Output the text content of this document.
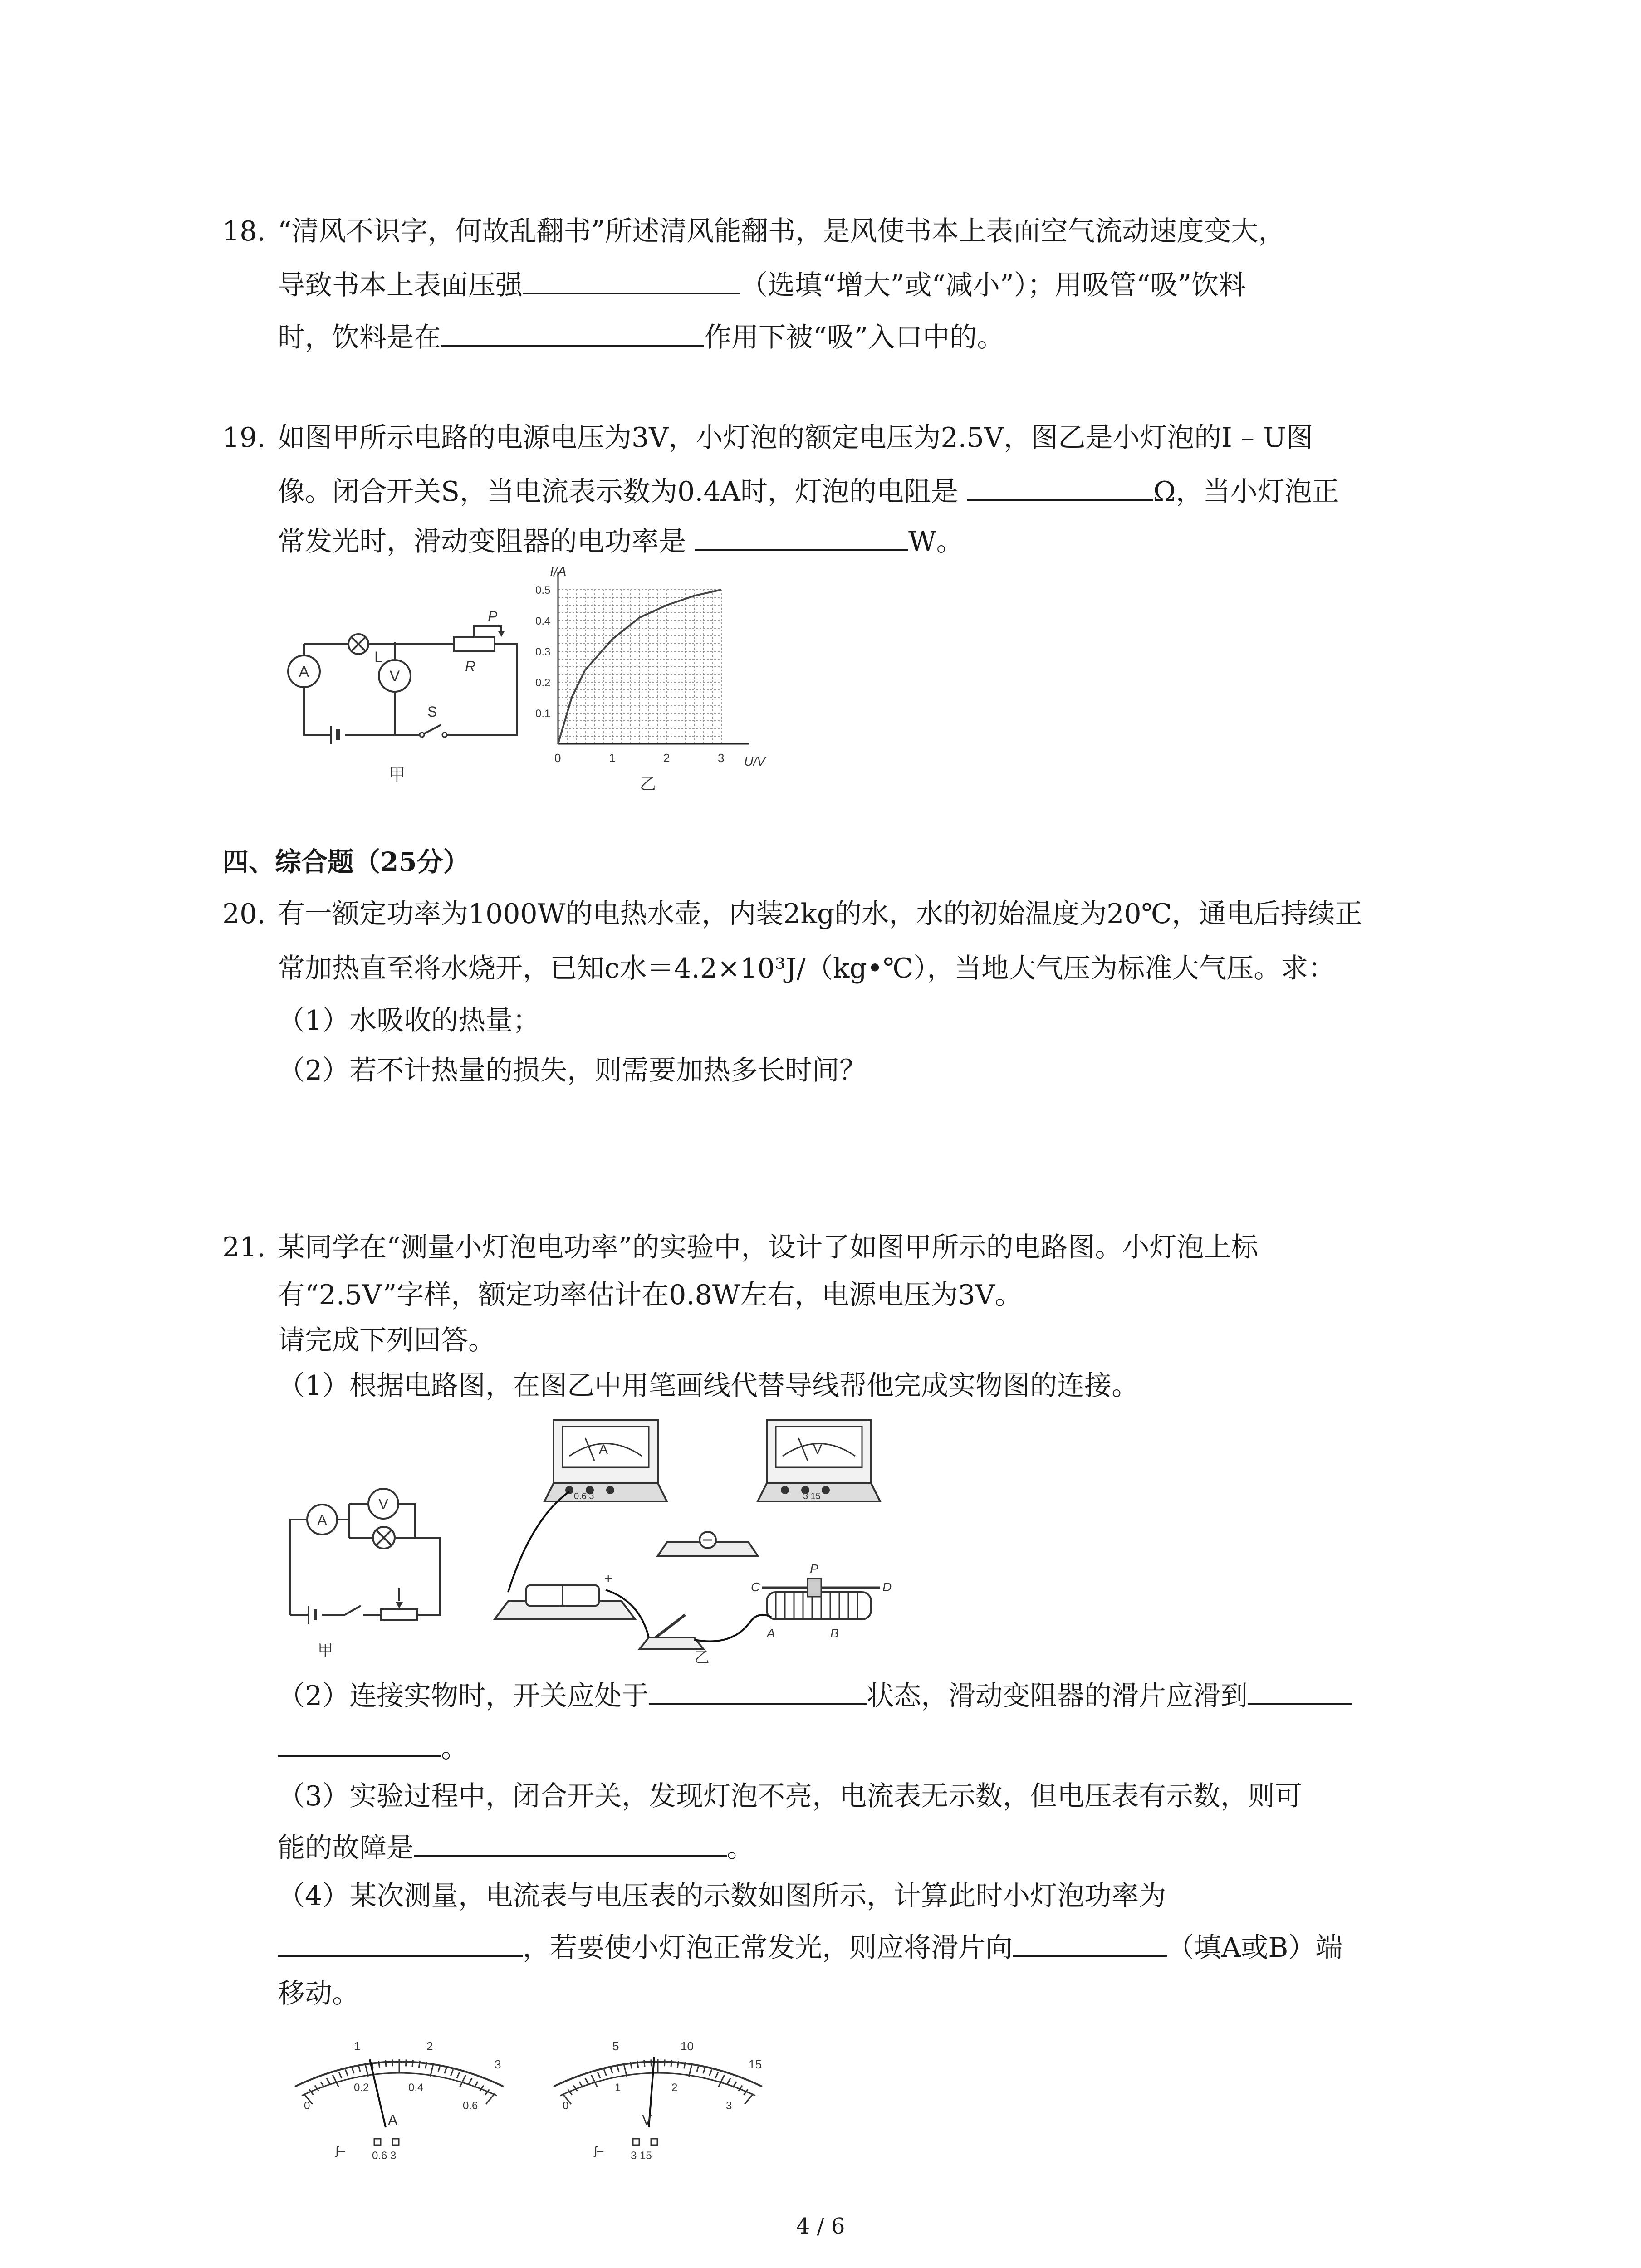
18. “清风不识字，何故乱翻书”所述清风能翻书，是风使书本上表面空气流动速度变大，
导致书本上表面压强	（选填“增大”或“减小”）；用吸管“吸”饮料
时，饮料是在	作用下被“吸”入口中的。
19. 如图甲所示电路的电源电压为3V，小灯泡的额定电压为2.5V，图乙是小灯泡的I – U图
像。闭合开关S，当电流表示数为0.4A时，灯泡的电阻是	Ω，当小灯泡正
常发光时，滑动变阻器的电功率是	W。
L
P
R
A	V
S
甲
I/A
U/V
0	1	2	3
0.1
0.2
0.3
0.4
0.5
乙
四、综合题（25分）
20. 有一额定功率为1000W的电热水壶，内装2kg的水，水的初始温度为20℃，通电后持续正
常加热直至将水烧开，已知c水＝4.2×10³J/（kg•℃），当地大气压为标准大气压。求：
（1）水吸收的热量；
（2）若不计热量的损失，则需要加热多长时间？
21. 某同学在“测量小灯泡电功率”的实验中，设计了如图甲所示的电路图。小灯泡上标
有“2.5V”字样，额定功率估计在0.8W左右，电源电压为3V。
请完成下列回答。
（1）根据电路图，在图乙中用笔画线代替导线帮他完成实物图的连接。
A
V
甲
A
0.6 3
V
3 15
+
P
C	D
A	B
乙
（2）连接实物时，开关应处于	状态，滑动变阻器的滑片应滑到
。
（3）实验过程中，闭合开关，发现灯泡不亮，电流表无示数，但电压表有示数，则可
能的故障是	。
（4）某次测量，电流表与电压表的示数如图所示，计算此时小灯泡功率为
，若要使小灯泡正常发光，则应将滑片向	（填A或B）端
移动。
1	2
3
0
0.2	0.4
0.6
A
ʃ– 0.6 3
5	10
15
0
1	2
3
V
ʃ– 3 15
4 / 6
